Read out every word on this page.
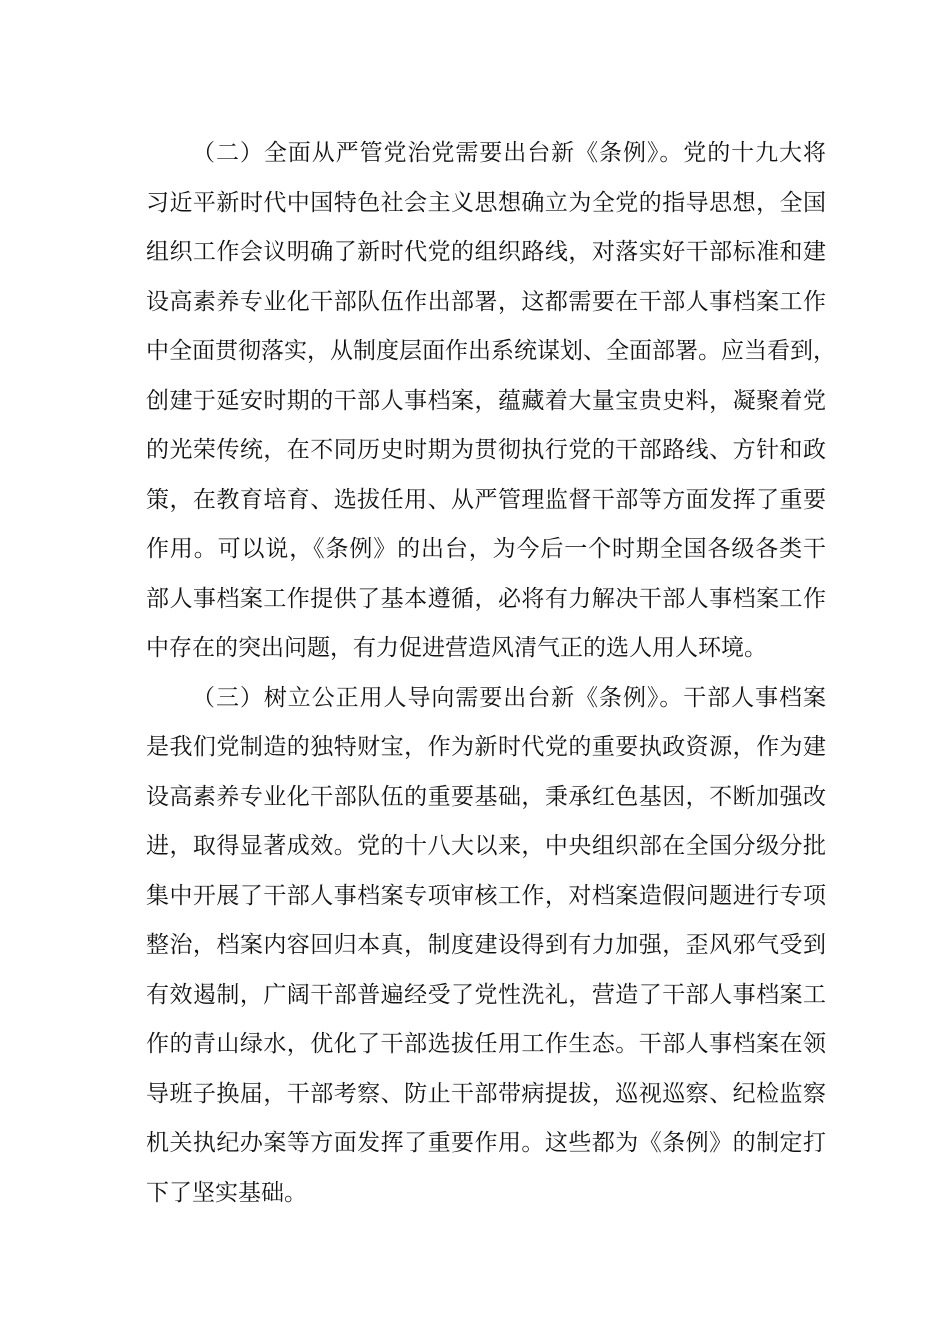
（二）全面从严管党治党需要出台新《条例》。党的十九大将
习近平新时代中国特色社会主义思想确立为全党的指导思想，全国
组织工作会议明确了新时代党的组织路线，对落实好干部标准和建
设高素养专业化干部队伍作出部署，这都需要在干部人事档案工作
中全面贯彻落实，从制度层面作出系统谋划、全面部署。应当看到，
创建于延安时期的干部人事档案，蕴藏着大量宝贵史料，凝聚着党
的光荣传统，在不同历史时期为贯彻执行党的干部路线、方针和政
策，在教育培育、选拔任用、从严管理监督干部等方面发挥了重要
作用。可以说，《条例》的出台，为今后一个时期全国各级各类干
部人事档案工作提供了基本遵循，必将有力解决干部人事档案工作
中存在的突出问题，有力促进营造风清气正的选人用人环境。
（三）树立公正用人导向需要出台新《条例》。干部人事档案
是我们党制造的独特财宝，作为新时代党的重要执政资源，作为建
设高素养专业化干部队伍的重要基础，秉承红色基因，不断加强改
进，取得显著成效。党的十八大以来，中央组织部在全国分级分批
集中开展了干部人事档案专项审核工作，对档案造假问题进行专项
整治，档案内容回归本真，制度建设得到有力加强，歪风邪气受到
有效遏制，广阔干部普遍经受了党性洗礼，营造了干部人事档案工
作的青山绿水，优化了干部选拔任用工作生态。干部人事档案在领
导班子换届，干部考察、防止干部带病提拔，巡视巡察、纪检监察
机关执纪办案等方面发挥了重要作用。这些都为《条例》的制定打
下了坚实基础。
